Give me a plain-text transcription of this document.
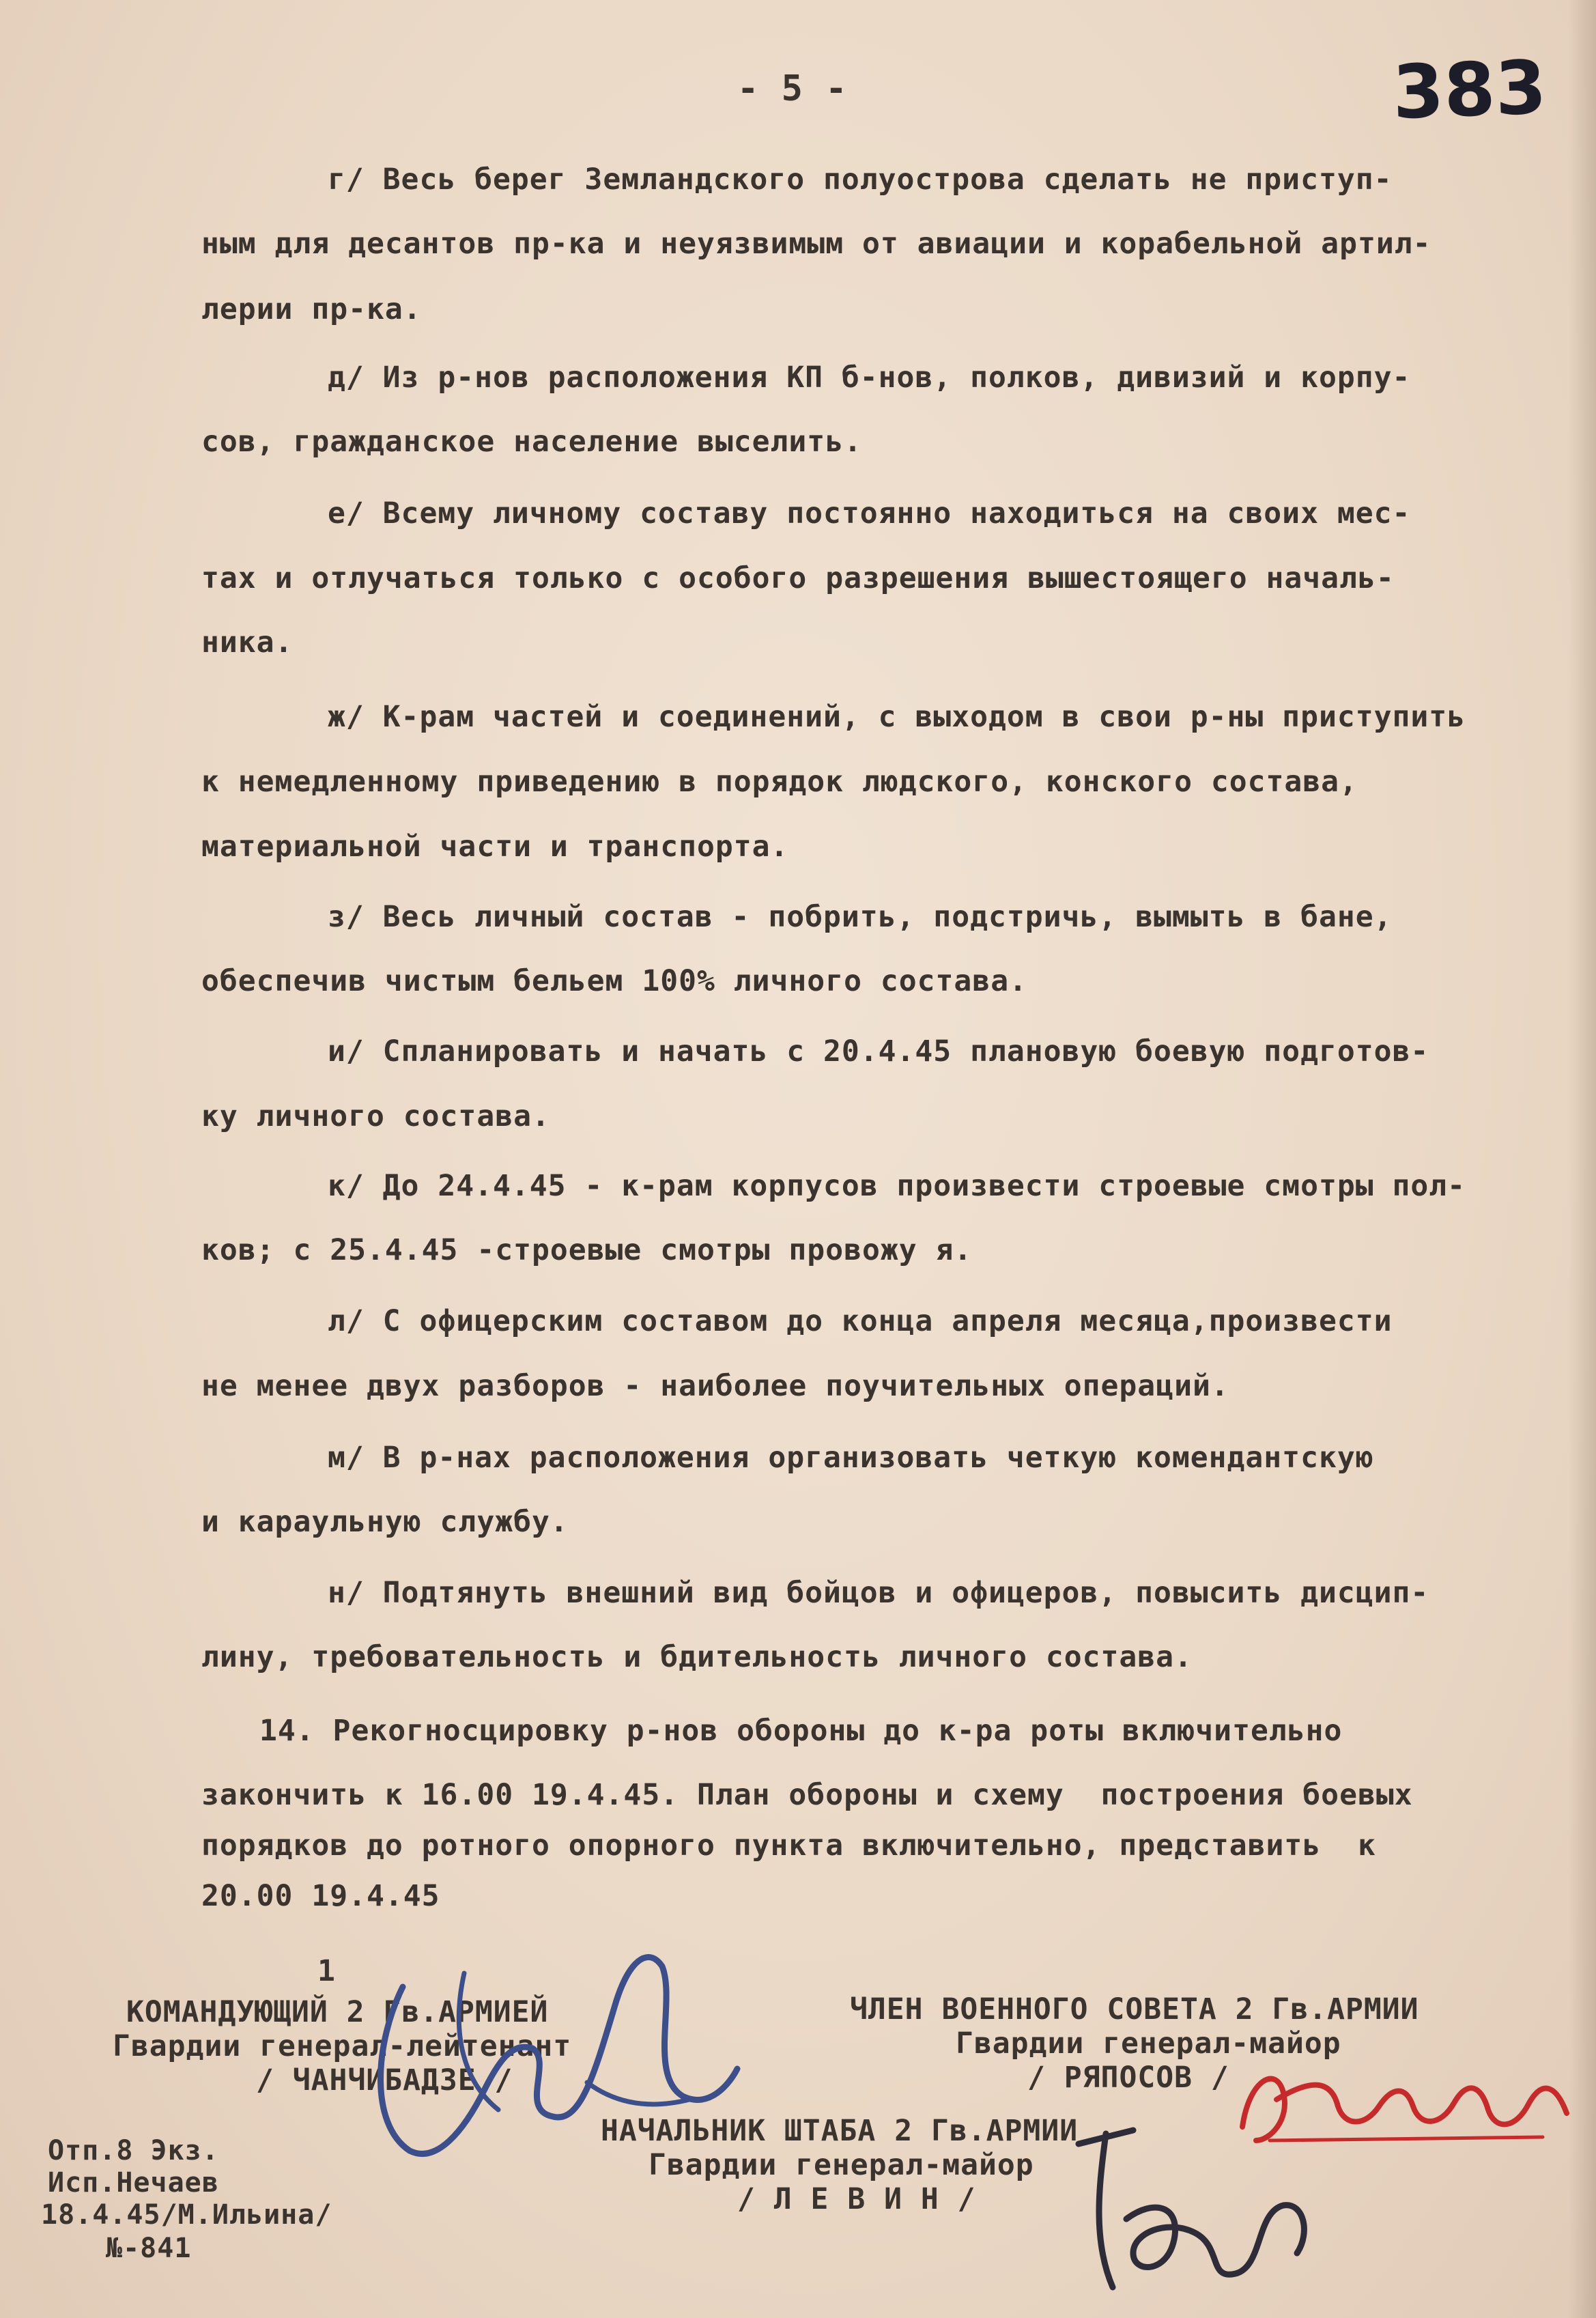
- 5 -	383
г/ Весь берег Земландского полуострова сделать не приступ-
ным для десантов пр-ка и неуязвимым от авиации и корабельной артил-
лерии пр-ка.
д/ Из р-нов расположения КП б-нов, полков, дивизий и корпу-
сов, гражданское население выселить.
е/ Всему личному составу постоянно находиться на своих мес-
тах и отлучаться только с особого разрешения вышестоящего началь-
ника.
ж/ К-рам частей и соединений, с выходом в свои р-ны приступить
к немедленному приведению в порядок людского, конского состава,
материальной части и транспорта.
з/ Весь личный состав - побрить, подстричь, вымыть в бане,
обеспечив чистым бельем 100% личного состава.
и/ Спланировать и начать с 20.4.45 плановую боевую подготов-
ку личного состава.
к/ До 24.4.45 - к-рам корпусов произвести строевые смотры пол-
ков; с 25.4.45 -строевые смотры провожу я.
л/ С офицерским составом до конца апреля месяца,произвести
не менее двух разборов - наиболее поучительных операций.
м/ В р-нах расположения организовать четкую комендантскую
и караульную службу.
н/ Подтянуть внешний вид бойцов и офицеров, повысить дисцип-
лину, требовательность и бдительность личного состава.
14. Рекогносцировку р-нов обороны до к-ра роты включительно
закончить к 16.00 19.4.45. План обороны и схему  построения боевых
порядков до ротного опорного пункта включительно, представить  к
20.00 19.4.45
1
КОМАНДУЮЩИЙ 2 Гв.АРМИЕЙ
Гвардии генерал-лейтенант
/ ЧАНЧИБАДЗЕ /
ЧЛЕН ВОЕННОГО СОВЕТА 2 Гв.АРМИИ
Гвардии генерал-майор
/ РЯПОСОВ /
НАЧАЛЬНИК ШТАБА 2 Гв.АРМИИ
Гвардии генерал-майор
/ Л Е В И Н /
Отп.8 Экз.
Исп.Нечаев
18.4.45/М.Ильина/
№-841
